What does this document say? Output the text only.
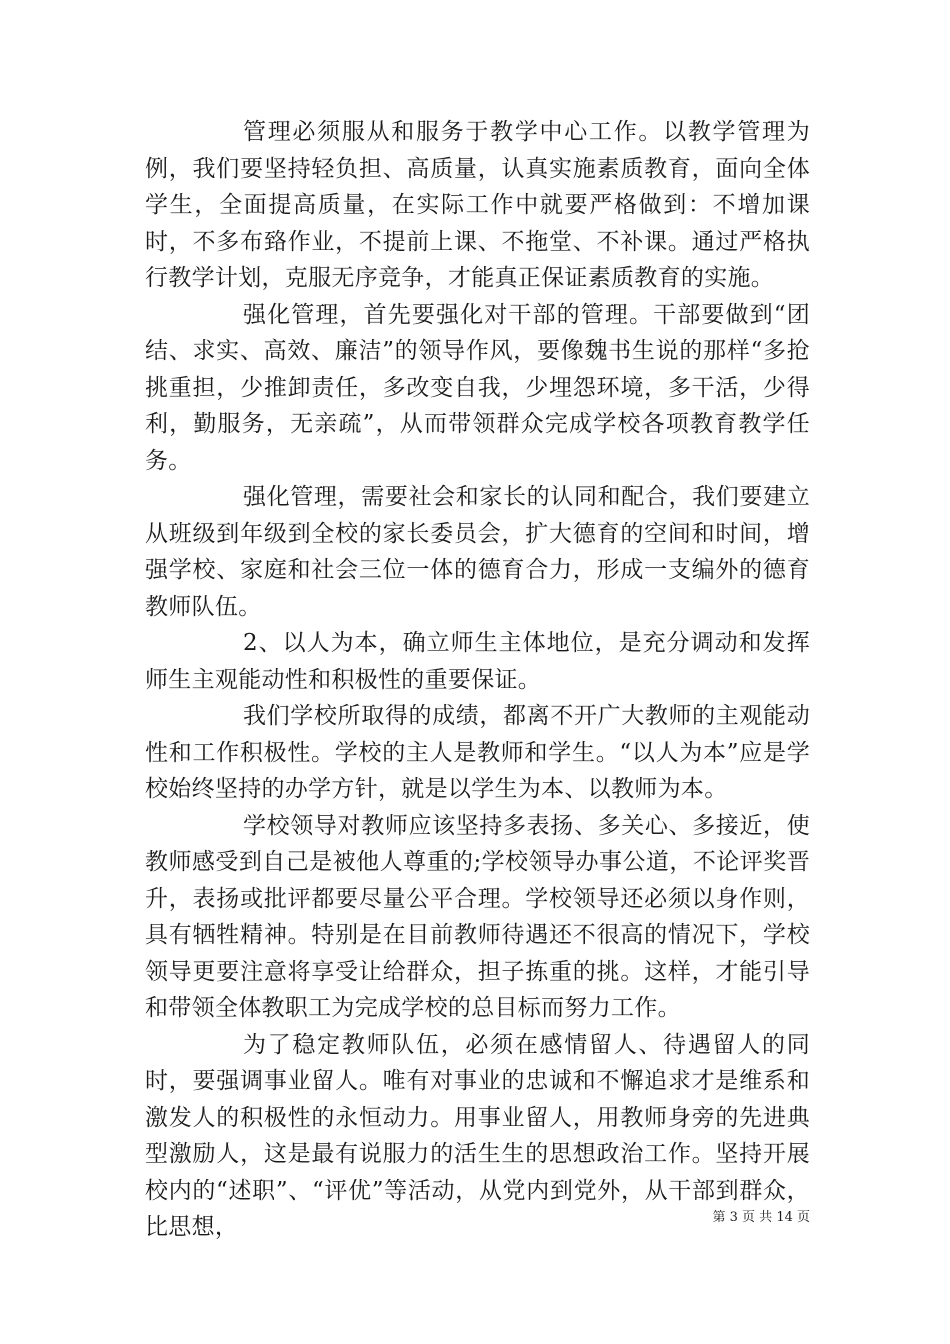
管理必须服从和服务于教学中心工作。以教学管理为例，我们要坚持轻负担、高质量，认真实施素质教育，面向全体学生，全面提高质量，在实际工作中就要严格做到：不增加课时，不多布臵作业，不提前上课、不拖堂、不补课。通过严格执行教学计划，克服无序竞争，才能真正保证素质教育的实施。

强化管理，首先要强化对干部的管理。干部要做到“团结、求实、高效、廉洁”的领导作风，要像魏书生说的那样“多抢挑重担，少推卸责任，多改变自我，少埋怨环境，多干活，少得利，勤服务，无亲疏”，从而带领群众完成学校各项教育教学任务。

强化管理，需要社会和家长的认同和配合，我们要建立从班级到年级到全校的家长委员会，扩大德育的空间和时间，增强学校、家庭和社会三位一体的德育合力，形成一支编外的德育教师队伍。

2、以人为本，确立师生主体地位，是充分调动和发挥师生主观能动性和积极性的重要保证。

我们学校所取得的成绩，都离不开广大教师的主观能动性和工作积极性。学校的主人是教师和学生。“以人为本”应是学校始终坚持的办学方针，就是以学生为本、以教师为本。

学校领导对教师应该坚持多表扬、多关心、多接近，使教师感受到自己是被他人尊重的;学校领导办事公道，不论评奖晋升，表扬或批评都要尽量公平合理。学校领导还必须以身作则，具有牺牲精神。特别是在目前教师待遇还不很高的情况下，学校领导更要注意将享受让给群众，担子拣重的挑。这样，才能引导和带领全体教职工为完成学校的总目标而努力工作。

为了稳定教师队伍，必须在感情留人、待遇留人的同时，要强调事业留人。唯有对事业的忠诚和不懈追求才是维系和激发人的积极性的永恒动力。用事业留人，用教师身旁的先进典型激励人，这是最有说服力的活生生的思想政治工作。坚持开展校内的“述职”、“评优”等活动，从党内到党外，从干部到群众，比思想，	第 3 页 共 14 页
